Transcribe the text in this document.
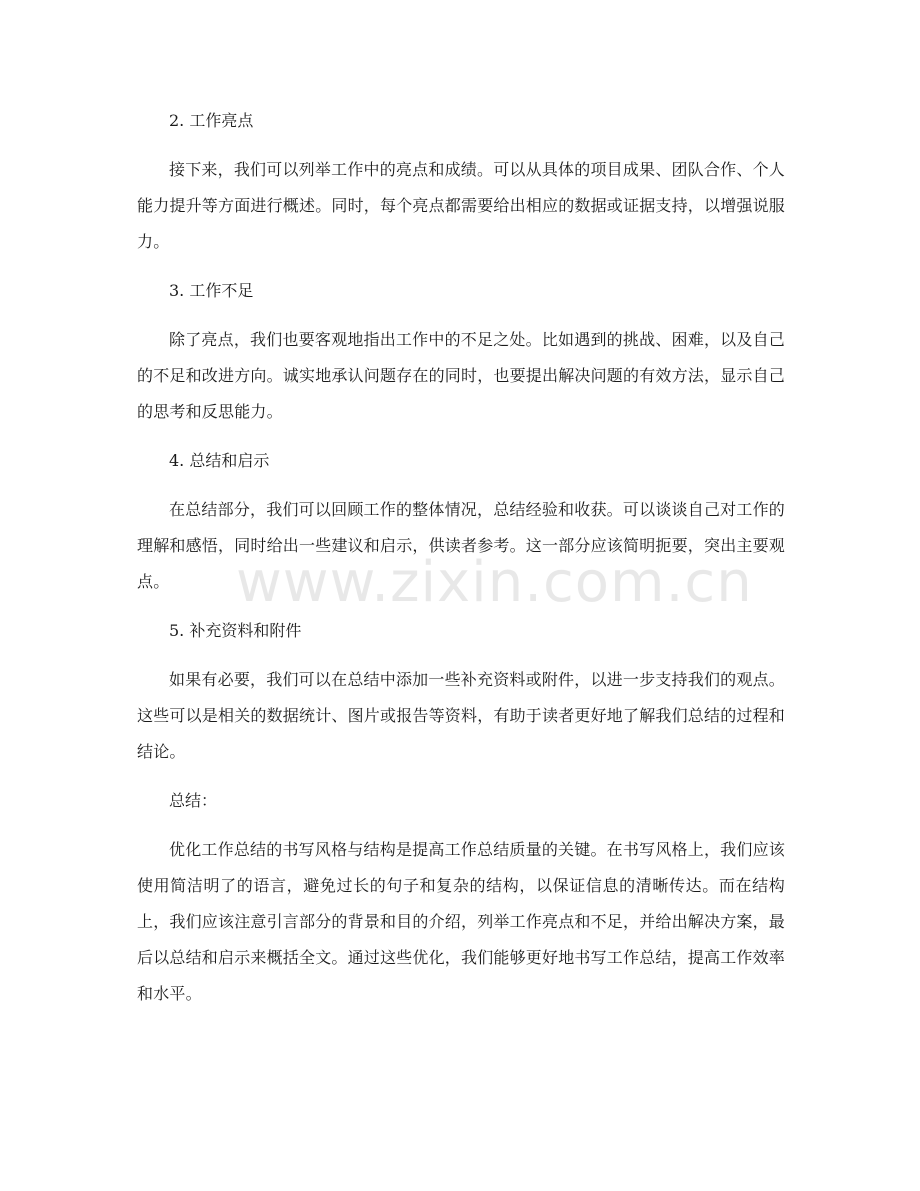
2. 工作亮点

接下来，我们可以列举工作中的亮点和成绩。可以从具体的项目成果、团队合作、个人能力提升等方面进行概述。同时，每个亮点都需要给出相应的数据或证据支持，以增强说服力。

3. 工作不足

除了亮点，我们也要客观地指出工作中的不足之处。比如遇到的挑战、困难，以及自己的不足和改进方向。诚实地承认问题存在的同时，也要提出解决问题的有效方法，显示自己的思考和反思能力。

4. 总结和启示

在总结部分，我们可以回顾工作的整体情况，总结经验和收获。可以谈谈自己对工作的理解和感悟，同时给出一些建议和启示，供读者参考。这一部分应该简明扼要，突出主要观点。

5. 补充资料和附件

如果有必要，我们可以在总结中添加一些补充资料或附件，以进一步支持我们的观点。这些可以是相关的数据统计、图片或报告等资料，有助于读者更好地了解我们总结的过程和结论。

总结：

优化工作总结的书写风格与结构是提高工作总结质量的关键。在书写风格上，我们应该使用简洁明了的语言，避免过长的句子和复杂的结构，以保证信息的清晰传达。而在结构上，我们应该注意引言部分的背景和目的介绍，列举工作亮点和不足，并给出解决方案，最后以总结和启示来概括全文。通过这些优化，我们能够更好地书写工作总结，提高工作效率和水平。

www.zixin.com.cn
